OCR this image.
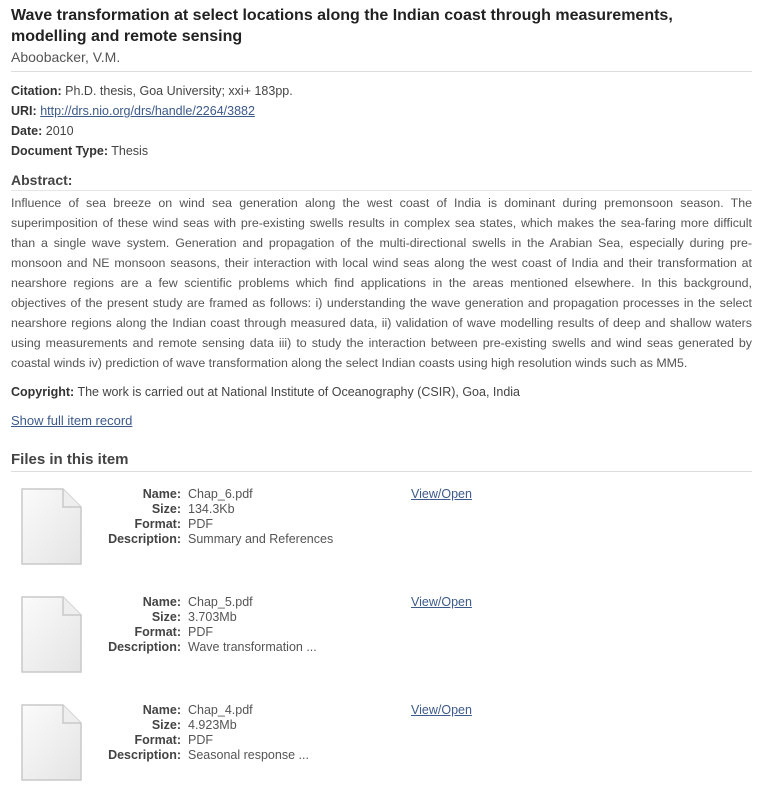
Wave transformation at select locations along the Indian coast through measurements, modelling and remote sensing
Aboobacker, V.M.
Citation: Ph.D. thesis, Goa University; xxi+ 183pp.
URI: http://drs.nio.org/drs/handle/2264/3882
Date: 2010
Document Type: Thesis
Abstract:
Influence of sea breeze on wind sea generation along the west coast of India is dominant during premonsoon season. The superimposition of these wind seas with pre-existing swells results in complex sea states, which makes the sea-faring more difficult than a single wave system. Generation and propagation of the multi-directional swells in the Arabian Sea, especially during pre-monsoon and NE monsoon seasons, their interaction with local wind seas along the west coast of India and their transformation at nearshore regions are a few scientific problems which find applications in the areas mentioned elsewhere. In this background, objectives of the present study are framed as follows: i) understanding the wave generation and propagation processes in the select nearshore regions along the Indian coast through measured data, ii) validation of wave modelling results of deep and shallow waters using measurements and remote sensing data iii) to study the interaction between pre-existing swells and wind seas generated by coastal winds iv) prediction of wave transformation along the select Indian coasts using high resolution winds such as MM5.
Copyright: The work is carried out at National Institute of Oceanography (CSIR), Goa, India
Show full item record
Files in this item
Name: Chap_6.pdf
Size: 134.3Kb
Format: PDF
Description: Summary and References
View/Open
Name: Chap_5.pdf
Size: 3.703Mb
Format: PDF
Description: Wave transformation ...
View/Open
Name: Chap_4.pdf
Size: 4.923Mb
Format: PDF
Description: Seasonal response ...
View/Open
